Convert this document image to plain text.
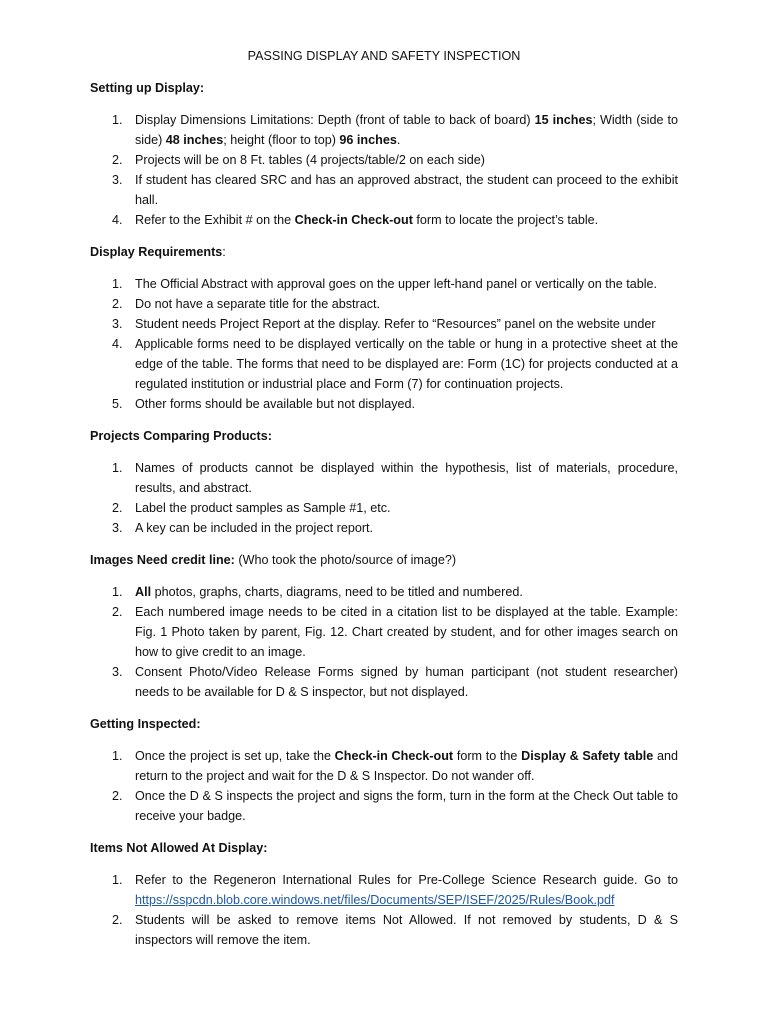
PASSING DISPLAY AND SAFETY INSPECTION
Setting up Display:
1. Display Dimensions Limitations: Depth (front of table to back of board) 15 inches; Width (side to side) 48 inches; height (floor to top) 96 inches.
2. Projects will be on 8 Ft. tables (4 projects/table/2 on each side)
3. If student has cleared SRC and has an approved abstract, the student can proceed to the exhibit hall.
4. Refer to the Exhibit # on the Check-in Check-out form to locate the project’s table.
Display Requirements:
1. The Official Abstract with approval goes on the upper left-hand panel or vertically on the table.
2. Do not have a separate title for the abstract.
3. Student needs Project Report at the display. Refer to “Resources” panel on the website under
4. Applicable forms need to be displayed vertically on the table or hung in a protective sheet at the edge of the table. The forms that need to be displayed are: Form (1C) for projects conducted at a regulated institution or industrial place and Form (7) for continuation projects.
5. Other forms should be available but not displayed.
Projects Comparing Products:
1. Names of products cannot be displayed within the hypothesis, list of materials, procedure, results, and abstract.
2. Label the product samples as Sample #1, etc.
3. A key can be included in the project report.
Images Need credit line: (Who took the photo/source of image?)
1. All photos, graphs, charts, diagrams, need to be titled and numbered.
2. Each numbered image needs to be cited in a citation list to be displayed at the table. Example: Fig. 1 Photo taken by parent, Fig. 12. Chart created by student, and for other images search on how to give credit to an image.
3. Consent Photo/Video Release Forms signed by human participant (not student researcher) needs to be available for D & S inspector, but not displayed.
Getting Inspected:
1. Once the project is set up, take the Check-in Check-out form to the Display & Safety table and return to the project and wait for the D & S Inspector. Do not wander off.
2. Once the D & S inspects the project and signs the form, turn in the form at the Check Out table to receive your badge.
Items Not Allowed At Display:
1. Refer to the Regeneron International Rules for Pre-College Science Research guide. Go to https://sspcdn.blob.core.windows.net/files/Documents/SEP/ISEF/2025/Rules/Book.pdf
2. Students will be asked to remove items Not Allowed. If not removed by students, D & S inspectors will remove the item.
